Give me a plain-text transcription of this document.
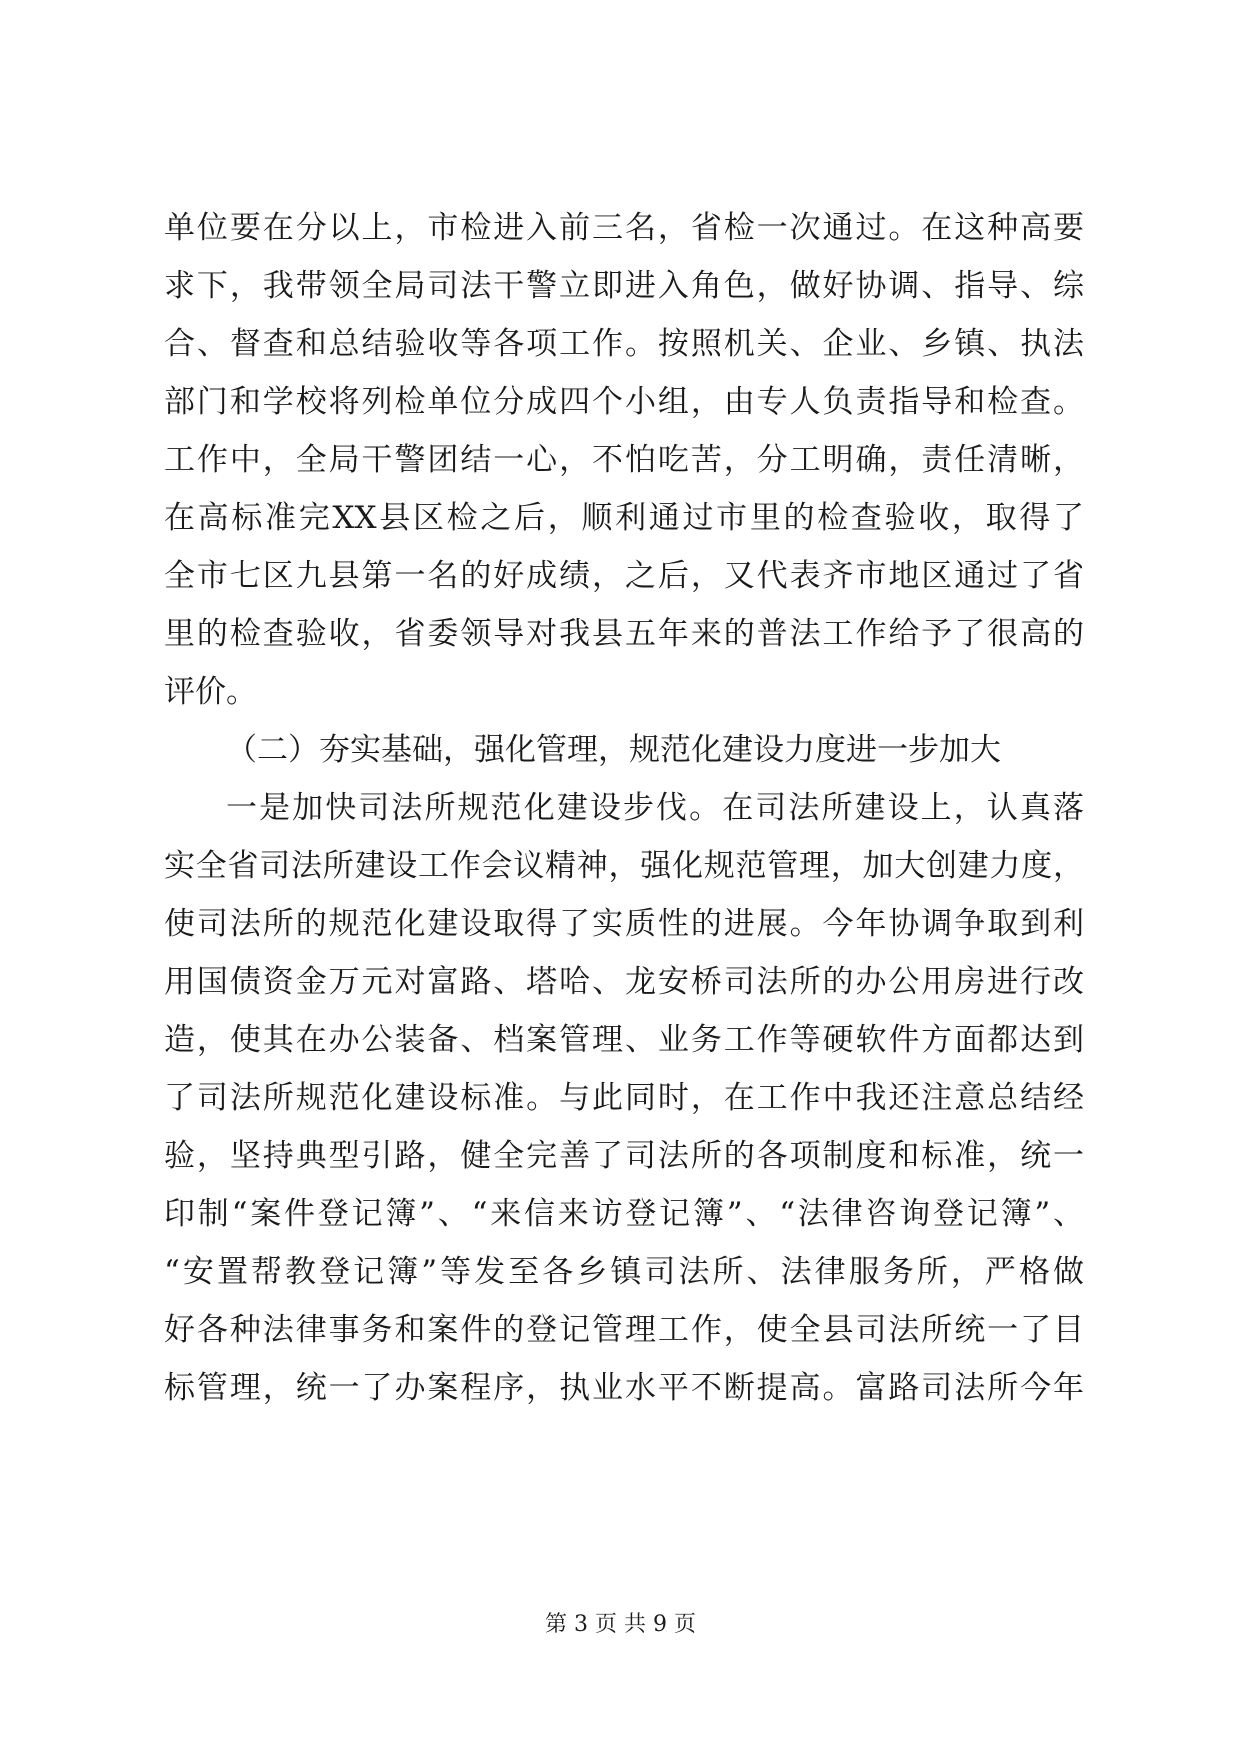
单位要在分以上，市检进入前三名，省检一次通过。在这种高要
求下，我带领全局司法干警立即进入角色，做好协调、指导、综
合、督查和总结验收等各项工作。按照机关、企业、乡镇、执法
部门和学校将列检单位分成四个小组，由专人负责指导和检查。
工作中，全局干警团结一心，不怕吃苦，分工明确，责任清晰，
在高标准完XX县区检之后，顺利通过市里的检查验收，取得了
全市七区九县第一名的好成绩，之后，又代表齐市地区通过了省
里的检查验收，省委领导对我县五年来的普法工作给予了很高的
评价。
（二）夯实基础，强化管理，规范化建设力度进一步加大
一是加快司法所规范化建设步伐。在司法所建设上，认真落
实全省司法所建设工作会议精神，强化规范管理，加大创建力度，
使司法所的规范化建设取得了实质性的进展。今年协调争取到利
用国债资金万元对富路、塔哈、龙安桥司法所的办公用房进行改
造，使其在办公装备、档案管理、业务工作等硬软件方面都达到
了司法所规范化建设标准。与此同时，在工作中我还注意总结经
验，坚持典型引路，健全完善了司法所的各项制度和标准，统一
印制“案件登记簿”、“来信来访登记簿”、“法律咨询登记簿”、
“安置帮教登记簿”等发至各乡镇司法所、法律服务所，严格做
好各种法律事务和案件的登记管理工作，使全县司法所统一了目
标管理，统一了办案程序，执业水平不断提高。富路司法所今年
第 3 页 共 9 页
